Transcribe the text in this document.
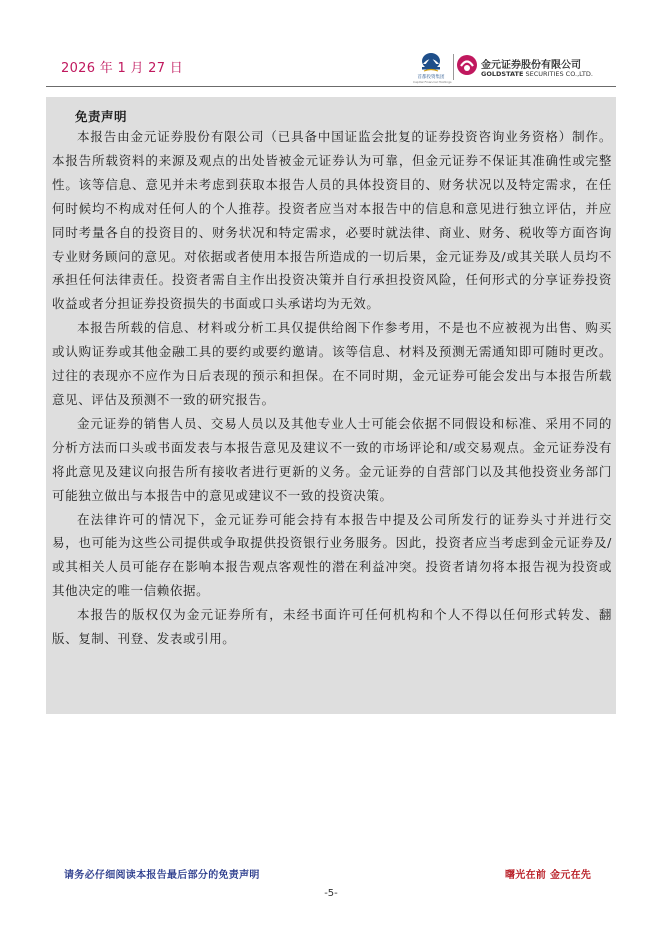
2026 年 1 月 27 日
首都投资集团
Capital Financial Holdings
金元证券股份有限公司
GOLDSTATE SECURITIES CO.,LTD.
免责声明

本报告由金元证券股份有限公司（已具备中国证监会批复的证券投资咨询业务资格）制作。本报告所载资料的来源及观点的出处皆被金元证券认为可靠，但金元证券不保证其准确性或完整性。该等信息、意见并未考虑到获取本报告人员的具体投资目的、财务状况以及特定需求，在任何时候均不构成对任何人的个人推荐。投资者应当对本报告中的信息和意见进行独立评估，并应同时考量各自的投资目的、财务状况和特定需求，必要时就法律、商业、财务、税收等方面咨询专业财务顾问的意见。对依据或者使用本报告所造成的一切后果，金元证券及/或其关联人员均不承担任何法律责任。投资者需自主作出投资决策并自行承担投资风险，任何形式的分享证券投资收益或者分担证券投资损失的书面或口头承诺均为无效。

本报告所载的信息、材料或分析工具仅提供给阁下作参考用，不是也不应被视为出售、购买或认购证券或其他金融工具的要约或要约邀请。该等信息、材料及预测无需通知即可随时更改。过往的表现亦不应作为日后表现的预示和担保。在不同时期，金元证券可能会发出与本报告所载意见、评估及预测不一致的研究报告。

金元证券的销售人员、交易人员以及其他专业人士可能会依据不同假设和标准、采用不同的分析方法而口头或书面发表与本报告意见及建议不一致的市场评论和/或交易观点。金元证券没有将此意见及建议向报告所有接收者进行更新的义务。金元证券的自营部门以及其他投资业务部门可能独立做出与本报告中的意见或建议不一致的投资决策。

在法律许可的情况下，金元证券可能会持有本报告中提及公司所发行的证券头寸并进行交易，也可能为这些公司提供或争取提供投资银行业务服务。因此，投资者应当考虑到金元证券及/或其相关人员可能存在影响本报告观点客观性的潜在利益冲突。投资者请勿将本报告视为投资或其他决定的唯一信赖依据。

本报告的版权仅为金元证券所有，未经书面许可任何机构和个人不得以任何形式转发、翻版、复制、刊登、发表或引用。

请务必仔细阅读本报告最后部分的免责声明	曙光在前 金元在先
-5-
